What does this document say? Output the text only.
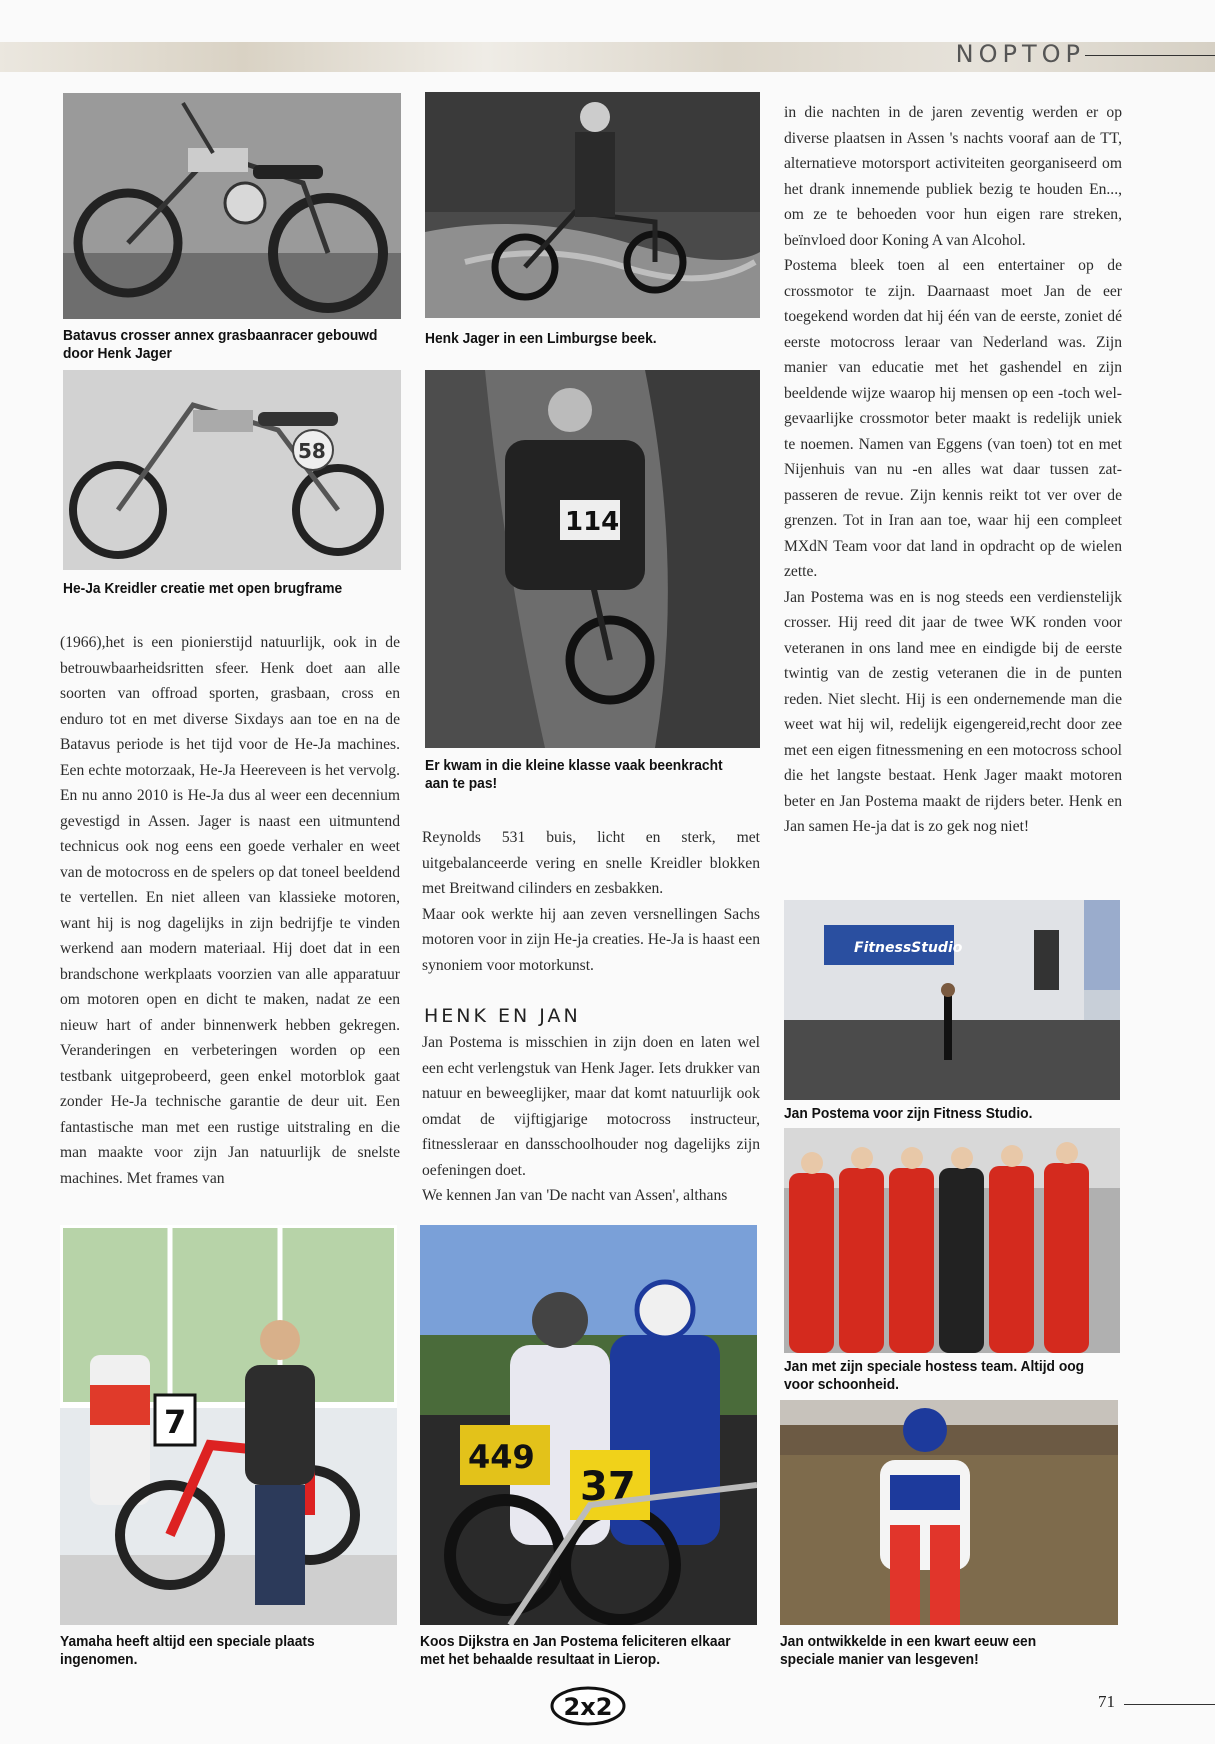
NOPTOP
Batavus crosser annex grasbaanracer gebouwd door Henk Jager
Henk Jager in een Limburgse beek.
58
He-Ja Kreidler creatie met open brugframe
114
Er kwam in die kleine klasse vaak beenkracht aan te pas!

(1966),het is een pionierstijd natuurlijk, ook in de betrouwbaarheidsritten sfeer. Henk doet aan alle soorten van offroad sporten, grasbaan, cross en enduro tot en met diverse Sixdays aan toe en na de Batavus periode is het tijd voor de He-Ja machines. Een echte motorzaak, He-Ja Heereveen is het vervolg. En nu anno 2010 is He-Ja dus al weer een decennium gevestigd in Assen. Jager is naast een uitmuntend technicus ook nog eens een goede verhaler en weet van de motocross en de spelers op dat toneel beeldend te vertellen. En niet alleen van klassieke motoren, want hij is nog dagelijks in zijn bedrijfje te vinden werkend aan modern materiaal. Hij doet dat in een brandschone werkplaats voorzien van alle apparatuur om motoren open en dicht te maken, nadat ze een nieuw hart of ander binnenwerk hebben gekregen. Veranderingen en verbeteringen worden op een testbank uitgeprobeerd, geen enkel motorblok gaat zonder He-Ja technische garantie de deur uit. Een fantastische man met een rustige uitstraling en die man maakte voor zijn Jan natuurlijk de snelste machines. Met frames van

Reynolds 531 buis, licht en sterk, met uitgebalanceerde vering en snelle Kreidler blokken met Breitwand cilinders en zesbakken.

Maar ook werkte hij aan zeven versnellingen Sachs motoren voor in zijn He-ja creaties. He-Ja is haast een synoniem voor motorkunst.

HENK EN JAN

Jan Postema is misschien in zijn doen en laten wel een echt verlengstuk van Henk Jager. Iets drukker van natuur en beweeglijker, maar dat komt natuurlijk ook omdat de vijftigjarige motocross instructeur, fitnessleraar en dansschoolhouder nog dagelijks zijn oefeningen doet.

We kennen Jan van 'De nacht van Assen', althans

in die nachten in de jaren zeventig werden er op diverse plaatsen in Assen 's nachts vooraf aan de TT, alternatieve motorsport activiteiten georganiseerd om het drank innemende publiek bezig te houden En..., om ze te behoeden voor hun eigen rare streken, beïnvloed door Koning A van Alcohol.

Postema bleek toen al een entertainer op de crossmotor te zijn. Daarnaast moet Jan de eer toegekend worden dat hij één van de eerste, zoniet dé eerste motocross leraar van Nederland was. Zijn manier van educatie met het gashendel en zijn beeldende wijze waarop hij mensen op een -toch wel- gevaarlijke crossmotor beter maakt is redelijk uniek te noemen. Namen van Eggens (van toen) tot en met Nijenhuis van nu -en alles wat daar tussen zat- passeren de revue. Zijn kennis reikt tot ver over de grenzen. Tot in Iran aan toe, waar hij een compleet MXdN Team voor dat land in opdracht op de wielen zette.

Jan Postema was en is nog steeds een verdienstelijk crosser. Hij reed dit jaar de twee WK ronden voor veteranen in ons land mee en eindigde bij de eerste twintig van de zestig veteranen die in de punten reden. Niet slecht. Hij is een ondernemende man die weet wat hij wil, redelijk eigengereid,recht door zee met een eigen fitnessmening en een motocross school die het langste bestaat. Henk Jager maakt motoren beter en Jan Postema maakt de rijders beter. Henk en Jan samen He-ja dat is zo gek nog niet!

FitnessStudio
Jan Postema voor zijn Fitness Studio.
Jan met zijn speciale hostess team. Altijd oog voor schoonheid.
7
Yamaha heeft altijd een speciale plaats ingenomen.
449
37
Koos Dijkstra en Jan Postema feliciteren elkaar met het behaalde resultaat in Lierop.
Jan ontwikkelde in een kwart eeuw een speciale manier van lesgeven!
2x2	71
